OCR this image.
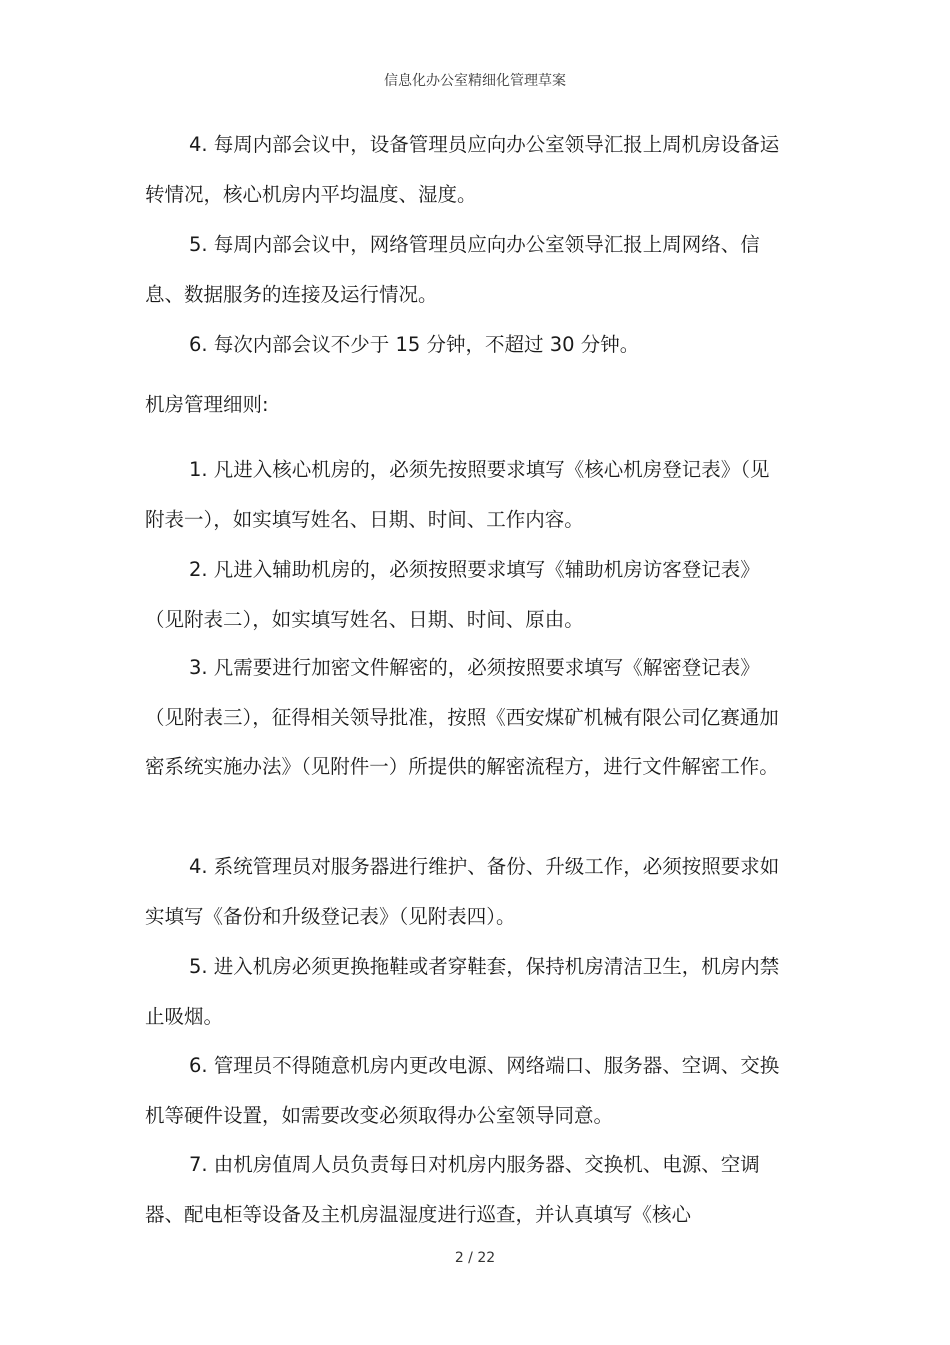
信息化办公室精细化管理草案

4. 每周内部会议中，设备管理员应向办公室领导汇报上周机房设备运转情况，核心机房内平均温度、湿度。

5. 每周内部会议中，网络管理员应向办公室领导汇报上周网络、信息、数据服务的连接及运行情况。

6. 每次内部会议不少于 15 分钟，不超过 30 分钟。

机房管理细则:

1. 凡进入核心机房的，必须先按照要求填写《核心机房登记表》（见附表一），如实填写姓名、日期、时间、工作内容。

2. 凡进入辅助机房的，必须按照要求填写《辅助机房访客登记表》（见附表二），如实填写姓名、日期、时间、原由。

3. 凡需要进行加密文件解密的，必须按照要求填写《解密登记表》（见附表三），征得相关领导批准，按照《西安煤矿机械有限公司亿赛通加密系统实施办法》（见附件一）所提供的解密流程方，进行文件解密工作。

4. 系统管理员对服务器进行维护、备份、升级工作，必须按照要求如实填写《备份和升级登记表》（见附表四）。

5. 进入机房必须更换拖鞋或者穿鞋套，保持机房清洁卫生，机房内禁止吸烟。

6. 管理员不得随意机房内更改电源、网络端口、服务器、空调、交换机等硬件设置，如需要改变必须取得办公室领导同意。

7. 由机房值周人员负责每日对机房内服务器、交换机、电源、空调器、配电柜等设备及主机房温湿度进行巡查，并认真填写《核心

2 / 22
